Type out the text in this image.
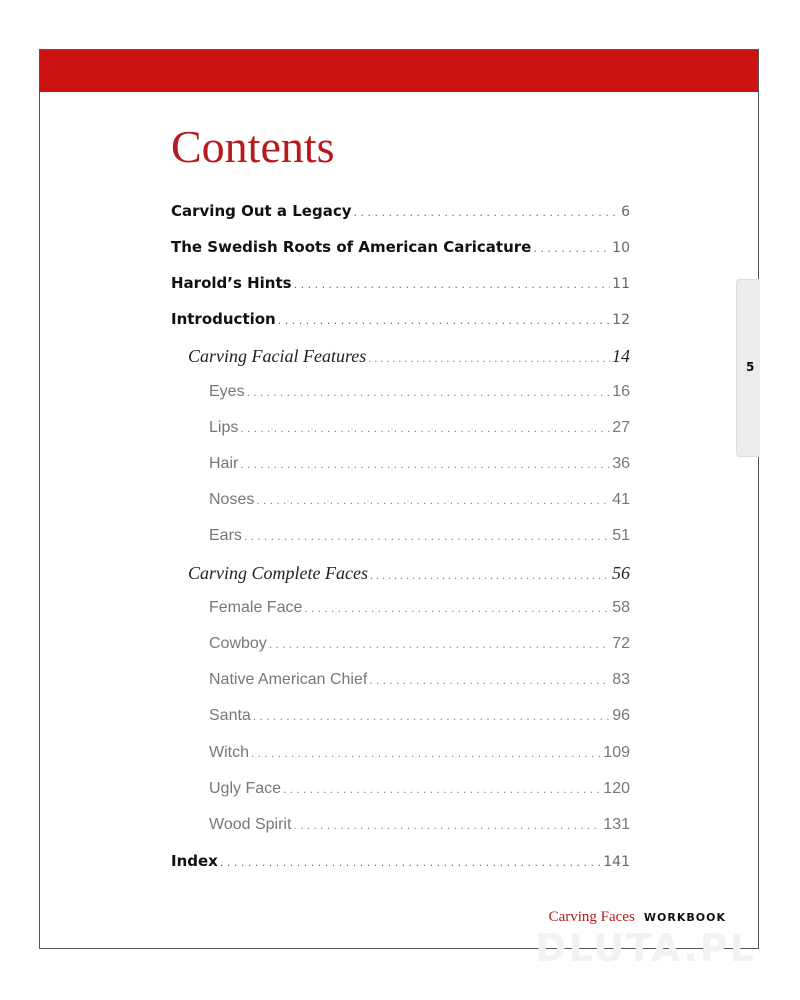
Contents
Carving Out a Legacy . . .	6
The Swedish Roots of American Caricature . . .	10
Harold’s Hints . . .	11
Introduction . . .	12
Carving Facial Features . . .	14
Eyes . . .	16
Lips . . .	27
Hair . . .	36
Noses . . .	41
Ears . . .	51
Carving Complete Faces . . .	56
Female Face . . .	58
Cowboy . . .	72
Native American Chief . . .	83
Santa . . .	96
Witch . . .	109
Ugly Face . . .	120
Wood Spirit . . .	131
Index . . .	141
Carving Faces WORKBOOK
5
DLUTA.PL
